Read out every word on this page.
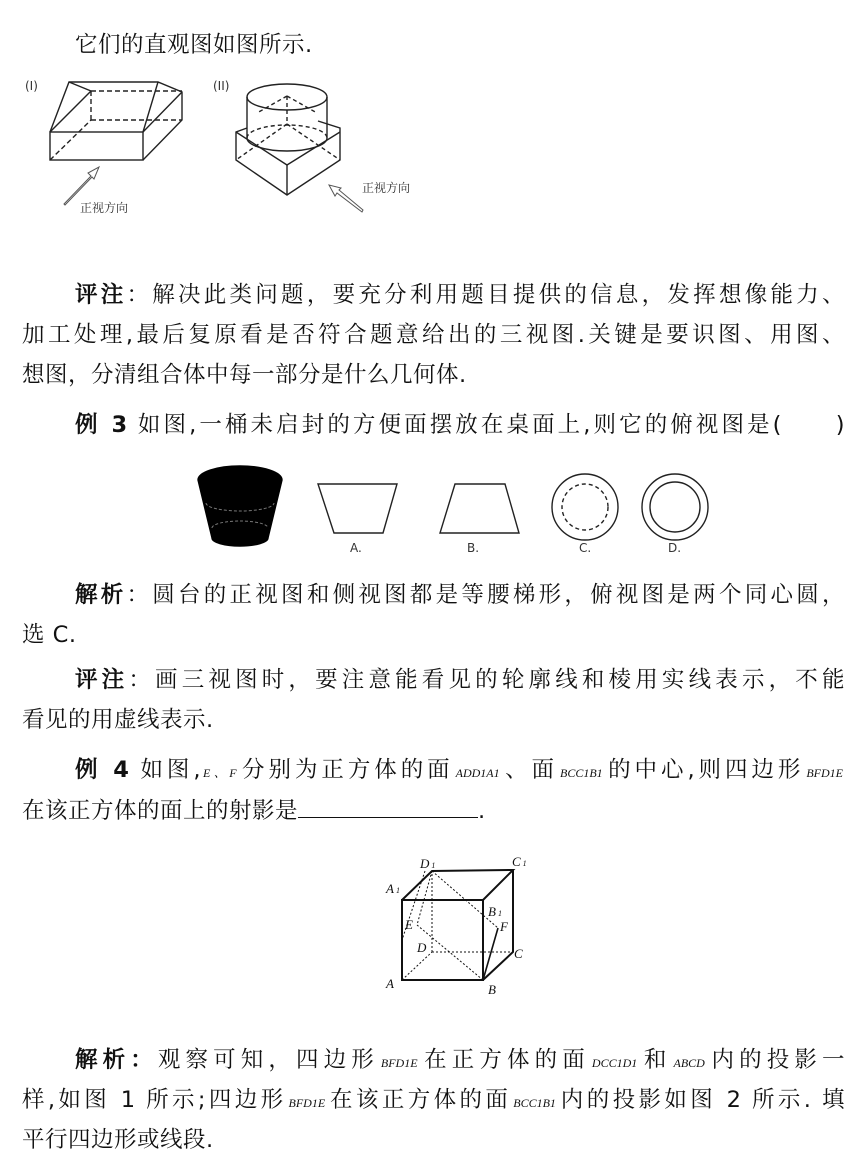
它们的直观图如图所示.
评注：解决此类问题，要充分利用题目提供的信息，发挥想像能力、
加工处理,最后复原看是否符合题意给出的三视图.关键是要识图、用图、
想图，分清组合体中每一部分是什么几何体.
例 3 如图,一桶未启封的方便面摆放在桌面上,则它的俯视图是(　　)
解析：圆台的正视图和侧视图都是等腰梯形，俯视图是两个同心圆，
选 C.
评注：画三视图时，要注意能看见的轮廓线和棱用实线表示，不能
看见的用虚线表示.
例 4 如图, E、F分别为正方体的面 ADD1A1、面 BCC1B1的中心,则四边形 BFD1E
在该正方体的面上的射影是	.
解析：观察可知，四边形 BFD1E在正方体的面 DCC1D1和 ABCD内的投影一
样,如图 1 所示;四边形 BFD1E在该正方体的面 BCC1B1内的投影如图 2 所示. 填
平行四边形或线段.
(I)
正视方向
(II)
正视方向
A.	B.	C.	D.
D 1	C 1
A 1
B 1
E	F
D	C
A	B
